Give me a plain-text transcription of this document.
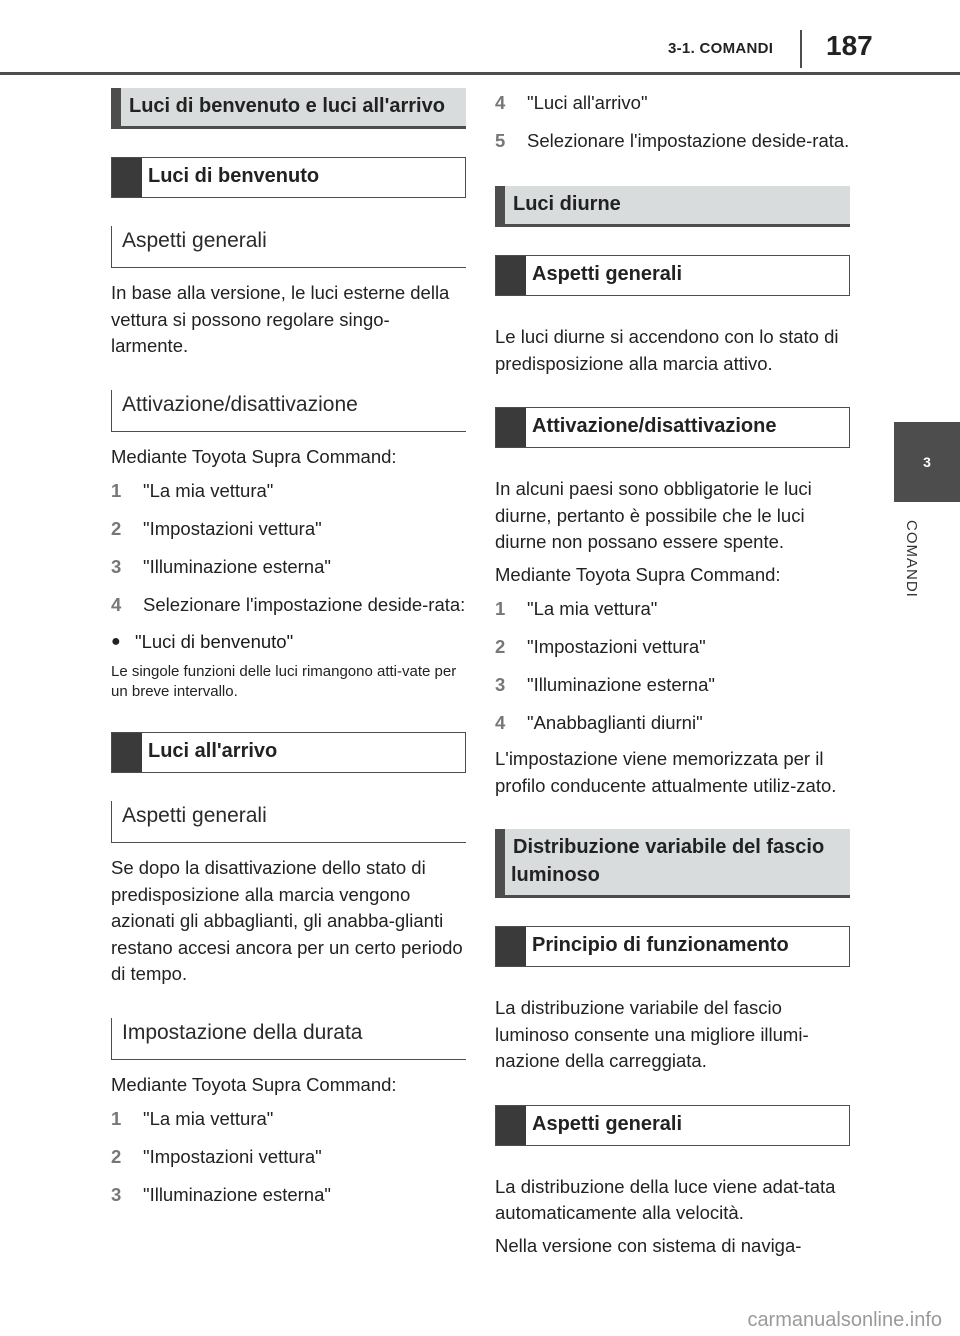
3-1. COMANDI 187
3
COMANDI
Luci di benvenuto e luci all'arrivo
Luci di benvenuto
Aspetti generali
In base alla versione, le luci esterne della vettura si possono regolare singo-larmente.
Attivazione/disattivazione
Mediante Toyota Supra Command:
1	"La mia vettura"
2	"Impostazioni vettura"
3	"Illuminazione esterna"
4	Selezionare l'impostazione deside-rata:
● "Luci di benvenuto"
Le singole funzioni delle luci rimangono atti-vate per un breve intervallo.
Luci all'arrivo
Aspetti generali
Se dopo la disattivazione dello stato di predisposizione alla marcia vengono azionati gli abbaglianti, gli anabba-glianti restano accesi ancora per un certo periodo di tempo.
Impostazione della durata
Mediante Toyota Supra Command:
1	"La mia vettura"
2	"Impostazioni vettura"
3	"Illuminazione esterna"
4	"Luci all'arrivo"
5	Selezionare l'impostazione deside-rata.
Luci diurne
Aspetti generali
Le luci diurne si accendono con lo stato di predisposizione alla marcia attivo.
Attivazione/disattivazione
In alcuni paesi sono obbligatorie le luci diurne, pertanto è possibile che le luci diurne non possano essere spente.
Mediante Toyota Supra Command:
1	"La mia vettura"
2	"Impostazioni vettura"
3	"Illuminazione esterna"
4	"Anabbaglianti diurni"
L'impostazione viene memorizzata per il profilo conducente attualmente utiliz-zato.
Distribuzione variabile del fascio luminoso
Principio di funzionamento
La distribuzione variabile del fascio luminoso consente una migliore illumi-nazione della carreggiata.
Aspetti generali
La distribuzione della luce viene adat-tata automaticamente alla velocità.
Nella versione con sistema di naviga-
carmanualsonline.info
